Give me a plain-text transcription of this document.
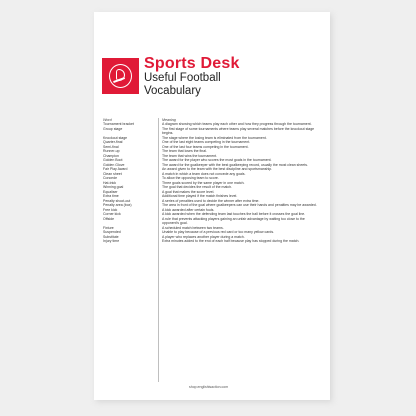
Sports Desk
Useful Football
Vocabulary
Word	Meaning
Tournament bracket	A diagram showing which teams play each other and how they progress through the tournament.
Group stage	The first stage of some tournaments where teams play several matches before the knockout stage begins.
Knockout stage	The stage where the losing team is eliminated from the tournament.
Quarter-final	One of the last eight teams competing in the tournament.
Semi-final	One of the last four teams competing in the tournament.
Runner-up	The team that loses the final.
Champion	The team that wins the tournament.
Golden Boot	The award for the player who scores the most goals in the tournament.
Golden Glove	The award for the goalkeeper with the best goalkeeping record, usually the most clean sheets.
Fair Play Award	An award given to the team with the best discipline and sportsmanship.
Clean sheet	A match in which a team does not concede any goals.
Concede	To allow the opposing team to score.
Hat-trick	Three goals scored by the same player in one match.
Winning goal	The goal that decides the result of the match.
Equaliser	A goal that makes the score level.
Extra time	Additional time played if the match finishes level.
Penalty shoot-out	A series of penalties used to decide the winner after extra time.
Penalty area (box)	The area in front of the goal where goalkeepers can use their hands and penalties may be awarded.
Free kick	A kick awarded after certain fouls.
Corner kick	A kick awarded when the defending team last touches the ball before it crosses the goal line.
Offside	A rule that prevents attacking players gaining an unfair advantage by waiting too close to the opponent's goal.
Fixture	A scheduled match between two teams.
Suspended	Unable to play because of a previous red card or too many yellow cards.
Substitute	A player who replaces another player during a match.
Injury time	Extra minutes added to the end of each half because play has stopped during the match.
shop.englishisaction.com
